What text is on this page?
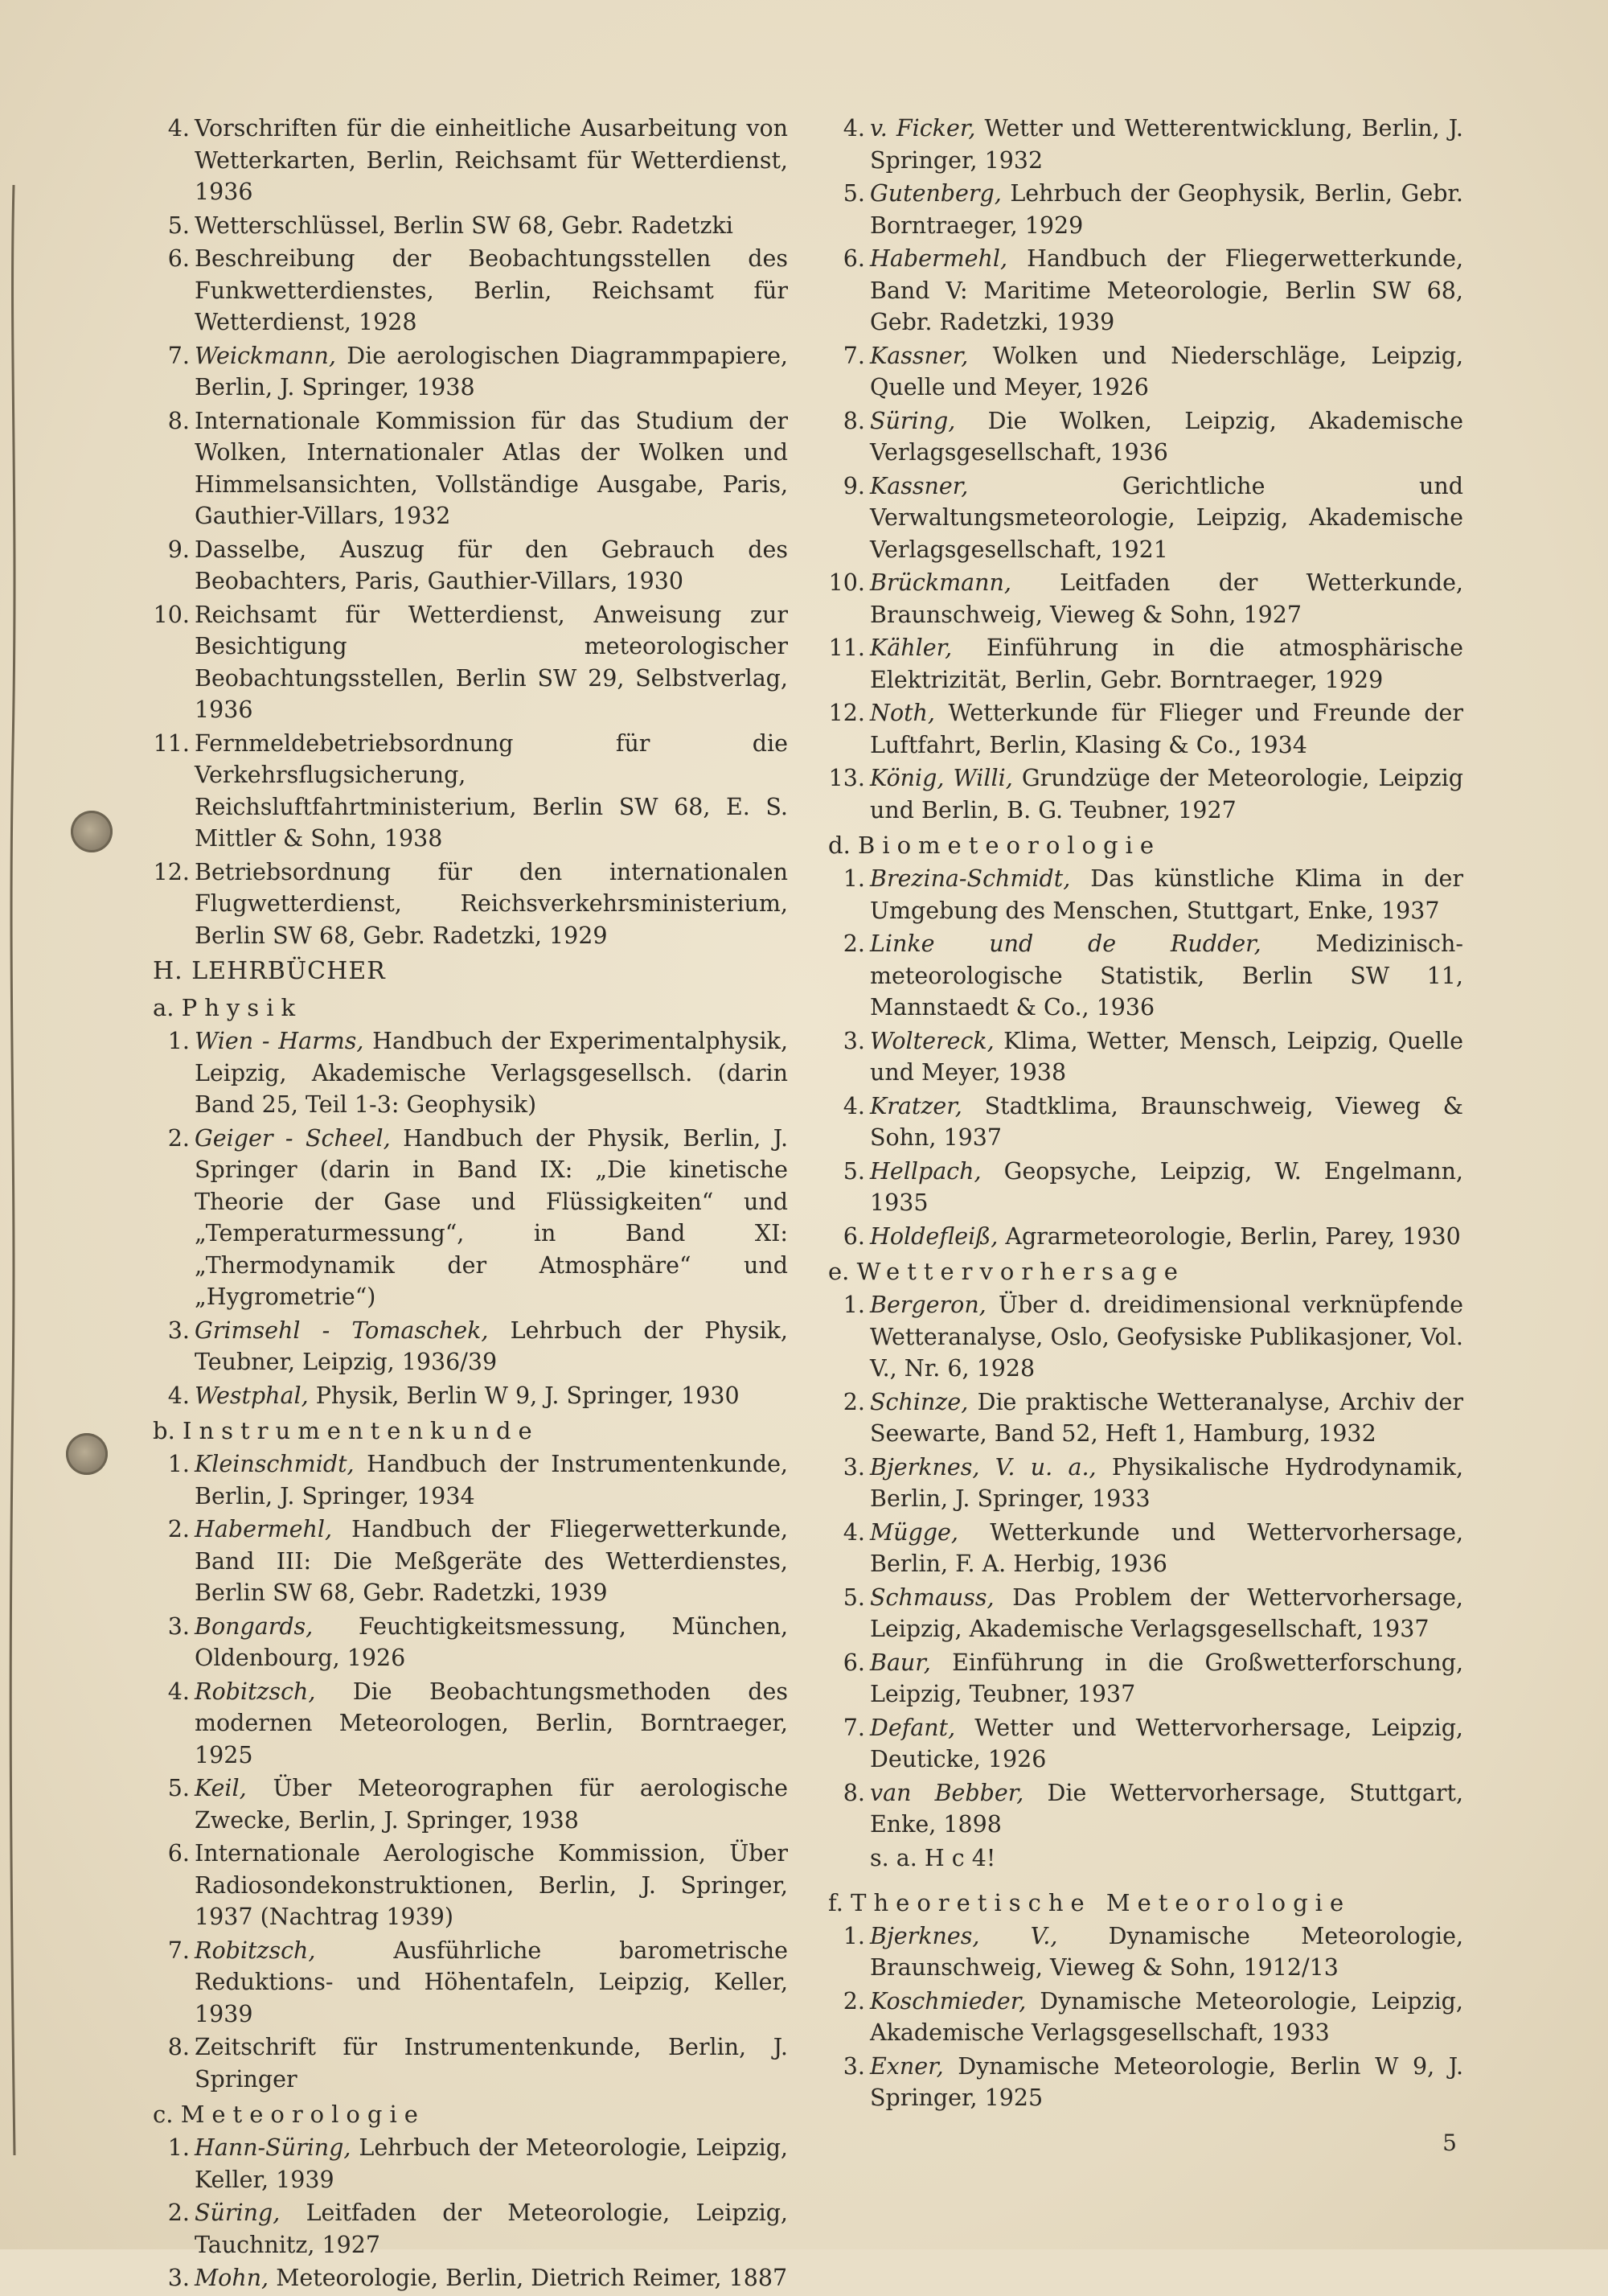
4. Vorschriften für die einheitliche Ausarbeitung von Wetterkarten, Berlin, Reichsamt für Wetterdienst, 1936
5. Wetterschlüssel, Berlin SW 68, Gebr. Radetzki
6. Beschreibung der Beobachtungsstellen des Funkwetterdienstes, Berlin, Reichsamt für Wetterdienst, 1928
7. Weickmann, Die aerologischen Diagrammpapiere, Berlin, J. Springer, 1938
8. Internationale Kommission für das Studium der Wolken, Internationaler Atlas der Wolken und Himmelsansichten, Vollständige Ausgabe, Paris, Gauthier-Villars, 1932
9. Dasselbe, Auszug für den Gebrauch des Beobachters, Paris, Gauthier-Villars, 1930
10. Reichsamt für Wetterdienst, Anweisung zur Besichtigung meteorologischer Beobachtungsstellen, Berlin SW 29, Selbstverlag, 1936
11. Fernmeldebetriebsordnung für die Verkehrsflugsicherung, Reichsluftfahrtministerium, Berlin SW 68, E. S. Mittler & Sohn, 1938
12. Betriebsordnung für den internationalen Flugwetterdienst, Reichsverkehrsministerium, Berlin SW 68, Gebr. Radetzki, 1929
H. LEHRBÜCHER
a. Physik
1. Wien - Harms, Handbuch der Experimentalphysik, Leipzig, Akademische Verlagsgesellsch. (darin Band 25, Teil 1-3: Geophysik)
2. Geiger - Scheel, Handbuch der Physik, Berlin, J. Springer (darin in Band IX: „Die kinetische Theorie der Gase und Flüssigkeiten“ und „Temperaturmessung“, in Band XI: „Thermodynamik der Atmosphäre“ und „Hygrometrie“)
3. Grimsehl - Tomaschek, Lehrbuch der Physik, Teubner, Leipzig, 1936/39
4. Westphal, Physik, Berlin W 9, J. Springer, 1930
b. Instrumentenkunde
1. Kleinschmidt, Handbuch der Instrumentenkunde, Berlin, J. Springer, 1934
2. Habermehl, Handbuch der Fliegerwetterkunde, Band III: Die Meßgeräte des Wetterdienstes, Berlin SW 68, Gebr. Radetzki, 1939
3. Bongards, Feuchtigkeitsmessung, München, Oldenbourg, 1926
4. Robitzsch, Die Beobachtungsmethoden des modernen Meteorologen, Berlin, Borntraeger, 1925
5. Keil, Über Meteorographen für aerologische Zwecke, Berlin, J. Springer, 1938
6. Internationale Aerologische Kommission, Über Radiosondekonstruktionen, Berlin, J. Springer, 1937 (Nachtrag 1939)
7. Robitzsch,	Ausführliche barometrische Reduktions- und Höhentafeln, Leipzig, Keller, 1939
8. Zeitschrift für Instrumentenkunde, Berlin, J. Springer
c. Meteorologie
1. Hann-Süring, Lehrbuch der Meteorologie, Leipzig, Keller, 1939
2. Süring, Leitfaden der Meteorologie, Leipzig, Tauchnitz, 1927
3. Mohn, Meteorologie, Berlin, Dietrich Reimer, 1887
4. v. Ficker, Wetter und Wetterentwicklung, Berlin, J. Springer, 1932
5. Gutenberg, Lehrbuch der Geophysik, Berlin, Gebr. Borntraeger, 1929
6. Habermehl, Handbuch der Fliegerwetterkunde, Band V: Maritime Meteorologie, Berlin SW 68, Gebr. Radetzki, 1939
7. Kassner, Wolken und Niederschläge, Leipzig, Quelle und Meyer, 1926
8. Süring, Die Wolken, Leipzig, Akademische Verlagsgesellschaft, 1936
9. Kassner,	Gerichtliche und Verwaltungsmeteorologie, Leipzig, Akademische Verlagsgesellschaft, 1921
10. Brückmann, Leitfaden der Wetterkunde, Braunschweig, Vieweg & Sohn, 1927
11. Kähler, Einführung in die atmosphärische Elektrizität, Berlin, Gebr. Borntraeger, 1929
12. Noth, Wetterkunde für Flieger und Freunde der Luftfahrt, Berlin, Klasing & Co., 1934
13. König, Willi, Grundzüge der Meteorologie, Leipzig und Berlin, B. G. Teubner, 1927
d. Biometeorologie
1. Brezina-Schmidt, Das künstliche Klima in der Umgebung des Menschen, Stuttgart, Enke, 1937
2. Linke und de Rudder, Medizinisch-meteorologische Statistik, Berlin SW 11, Mannstaedt & Co., 1936
3. Woltereck, Klima, Wetter, Mensch, Leipzig, Quelle und Meyer, 1938
4. Kratzer, Stadtklima, Braunschweig, Vieweg & Sohn, 1937
5. Hellpach, Geopsyche, Leipzig, W. Engelmann, 1935
6. Holdefleiß, Agrarmeteorologie, Berlin, Parey, 1930
e. Wettervorhersage
1. Bergeron, Über d. dreidimensional verknüpfende Wetteranalyse, Oslo, Geofysiske Publikasjoner, Vol. V., Nr. 6, 1928
2. Schinze, Die praktische Wetteranalyse, Archiv der Seewarte, Band 52, Heft 1, Hamburg, 1932
3. Bjerknes, V. u. a., Physikalische Hydrodynamik, Berlin, J. Springer, 1933
4. Mügge, Wetterkunde und Wettervorhersage, Berlin, F. A. Herbig, 1936
5. Schmauss, Das Problem der Wettervorhersage, Leipzig, Akademische Verlagsgesellschaft, 1937
6. Baur, Einführung in die Großwetterforschung, Leipzig, Teubner, 1937
7. Defant, Wetter und Wettervorhersage, Leipzig, Deuticke, 1926
8. van Bebber, Die Wettervorhersage, Stuttgart, Enke, 1898
s. a. H c 4!
f. Theoretische Meteorologie
1. Bjerknes, V., Dynamische Meteorologie, Braunschweig, Vieweg & Sohn, 1912/13
2. Koschmieder, Dynamische Meteorologie, Leipzig, Akademische Verlagsgesellschaft, 1933
3. Exner, Dynamische Meteorologie, Berlin W 9, J. Springer, 1925
5
